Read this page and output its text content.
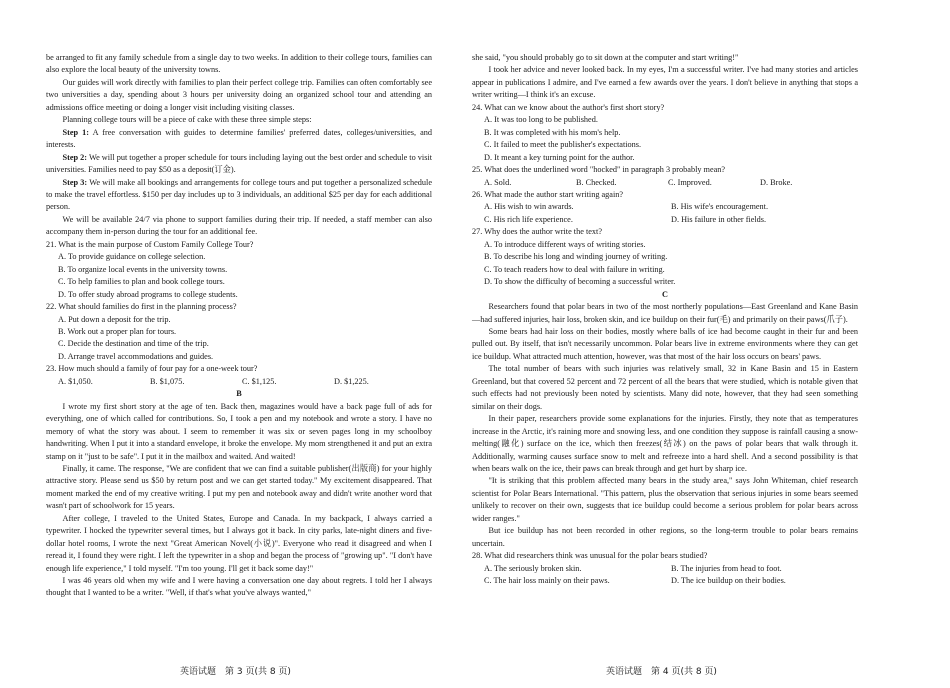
be arranged to fit any family schedule from a single day to two weeks. In addition to their college tours, families can also explore the local beauty of the university towns.

Our guides will work directly with families to plan their perfect college trip. Families can often comfortably see two universities a day, spending about 3 hours per university doing an organized school tour and attending an admissions office meeting or doing a longer visit including visiting classes.

Planning college tours will be a piece of cake with these three simple steps:

Step 1: A free conversation with guides to determine families' preferred dates, colleges/universities, and interests.

Step 2: We will put together a proper schedule for tours including laying out the best order and schedule to visit universities. Families need to pay $50 as a deposit(订金).

Step 3: We will make all bookings and arrangements for college tours and put together a personalized schedule to make the travel effortless. $150 per day includes up to 3 individuals, an additional $25 per day for each additional person.

We will be available 24/7 via phone to support families during their trip. If needed, a staff member can also accompany them in-person during the tour for an additional fee.

21. What is the main purpose of Custom Family College Tour?

A. To provide guidance on college selection.

B. To organize local events in the university towns.

C. To help families to plan and book college tours.

D. To offer study abroad programs to college students.

22. What should families do first in the planning process?

A. Put down a deposit for the trip.

B. Work out a proper plan for tours.

C. Decide the destination and time of the trip.

D. Arrange travel accommodations and guides.

23. How much should a family of four pay for a one-week tour?

A. $1,050.	B. $1,075.	C. $1,125.	D. $1,225.

B

I wrote my first short story at the age of ten. Back then, magazines would have a back page full of ads for everything, one of which called for contributions. So, I took a pen and my notebook and wrote a story. I have no memory of what the story was about. I seem to remember it was six or seven pages long in my schoolboy handwriting. When I put it into a standard envelope, it broke the envelope. My mom strengthened it and put an extra stamp on it "just to be safe". I put it in the mailbox and waited. And waited!

Finally, it came. The response, "We are confident that we can find a suitable publisher(出版商) for your highly attractive story. Please send us $50 by return post and we can get started today." My excitement disappeared. That moment marked the end of my creative writing. I put my pen and notebook away and didn't write another word that wasn't part of schoolwork for 15 years.

After college, I traveled to the United States, Europe and Canada. In my backpack, I always carried a typewriter. I hocked the typewriter several times, but I always got it back. In city parks, late-night diners and five-dollar hotel rooms, I wrote the next "Great American Novel(小说)". Everyone who read it disagreed and when I reread it, I found they were right. I left the typewriter in a shop and began the process of "growing up". "I don't have enough life experience," I told myself. "I'm too young. I'll get it back some day!"

I was 46 years old when my wife and I were having a conversation one day about regrets. I told her I always thought that I wanted to be a writer. "Well, if that's what you've always wanted,"

she said, "you should probably go to sit down at the computer and start writing!"

I took her advice and never looked back. In my eyes, I'm a successful writer. I've had many stories and articles appear in publications I admire, and I've earned a few awards over the years. I don't believe in anything that stops a writer writing—I think it's an excuse.

24. What can we know about the author's first short story?

A. It was too long to be published.

B. It was completed with his mom's help.

C. It failed to meet the publisher's expectations.

D. It meant a key turning point for the author.

25. What does the underlined word "hocked" in paragraph 3 probably mean?

A. Sold.	B. Checked.	C. Improved.	D. Broke.

26. What made the author start writing again?

A. His wish to win awards.	B. His wife's encouragement.
C. His rich life experience.	D. His failure in other fields.

27. Why does the author write the text?

A. To introduce different ways of writing stories.

B. To describe his long and winding journey of writing.

C. To teach readers how to deal with failure in writing.

D. To show the difficulty of becoming a successful writer.

C

Researchers found that polar bears in two of the most northerly populations—East Greenland and Kane Basin—had suffered injuries, hair loss, broken skin, and ice buildup on their fur(毛) and primarily on their paws(爪子).

Some bears had hair loss on their bodies, mostly where balls of ice had become caught in their fur and been pulled out. By itself, that isn't necessarily uncommon. Polar bears live in extreme environments where they can get ice buildup. What attracted much attention, however, was that most of the hair loss occurs on bears' paws.

The total number of bears with such injuries was relatively small, 32 in Kane Basin and 15 in Eastern Greenland, but that covered 52 percent and 72 percent of all the bears that were studied, which is notable given that such effects had not previously been noted by scientists. Many did note, however, that they had seen something similar on their dogs.

In their paper, researchers provide some explanations for the injuries. Firstly, they note that as temperatures increase in the Arctic, it's raining more and snowing less, and one condition they suppose is rainfall causing a snow-melting(融化) surface on the ice, which then freezes(结冰) on the paws of polar bears that walk through it. Additionally, warming causes surface snow to melt and refreeze into a hard shell. And a second possibility is that when bears walk on the ice, their paws can break through and get hurt by sharp ice.

"It is striking that this problem affected many bears in the study area," says John Whiteman, chief research scientist for Polar Bears International. "This pattern, plus the observation that serious injuries in some bears seemed unlikely to recover on their own, suggests that ice buildup could become a serious problem for polar bears across wider ranges."

But ice buildup has not been recorded in other regions, so the long-term trouble to polar bears remains uncertain.

28. What did researchers think was unusual for the polar bears studied?

A. The seriously broken skin.	B. The injuries from head to foot.
C. The hair loss mainly on their paws.	D. The ice buildup on their bodies.
英语试题　第 3 页(共 8 页)	英语试题　第 4 页(共 8 页)
